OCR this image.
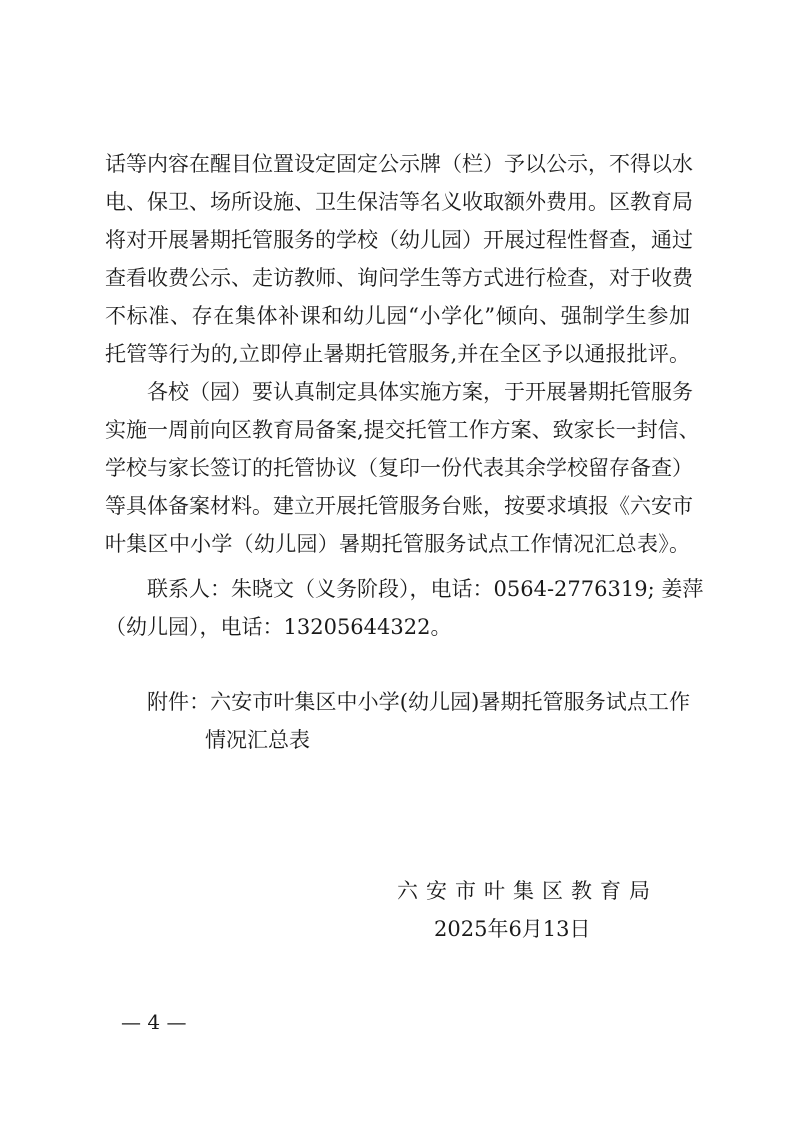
话等内容在醒目位置设定固定公示牌（栏）予以公示，不得以水
电、保卫、场所设施、卫生保洁等名义收取额外费用。区教育局
将对开展暑期托管服务的学校（幼儿园）开展过程性督查，通过
查看收费公示、走访教师、询问学生等方式进行检查，对于收费
不标准、存在集体补课和幼儿园“小学化”倾向、强制学生参加
托管等行为的,立即停止暑期托管服务,并在全区予以通报批评。
各校（园）要认真制定具体实施方案，于开展暑期托管服务
实施一周前向区教育局备案,提交托管工作方案、致家长一封信、
学校与家长签订的托管协议（复印一份代表其余学校留存备查）
等具体备案材料。建立开展托管服务台账，按要求填报《六安市
叶集区中小学（幼儿园）暑期托管服务试点工作情况汇总表》。
联系人：朱晓文（义务阶段），电话：0564-2776319; 姜萍
（幼儿园），电话：13205644322。
附件：六安市叶集区中小学(幼儿园)暑期托管服务试点工作
情况汇总表
六安市叶集区教育局
2025年6月13日
— 4 —
